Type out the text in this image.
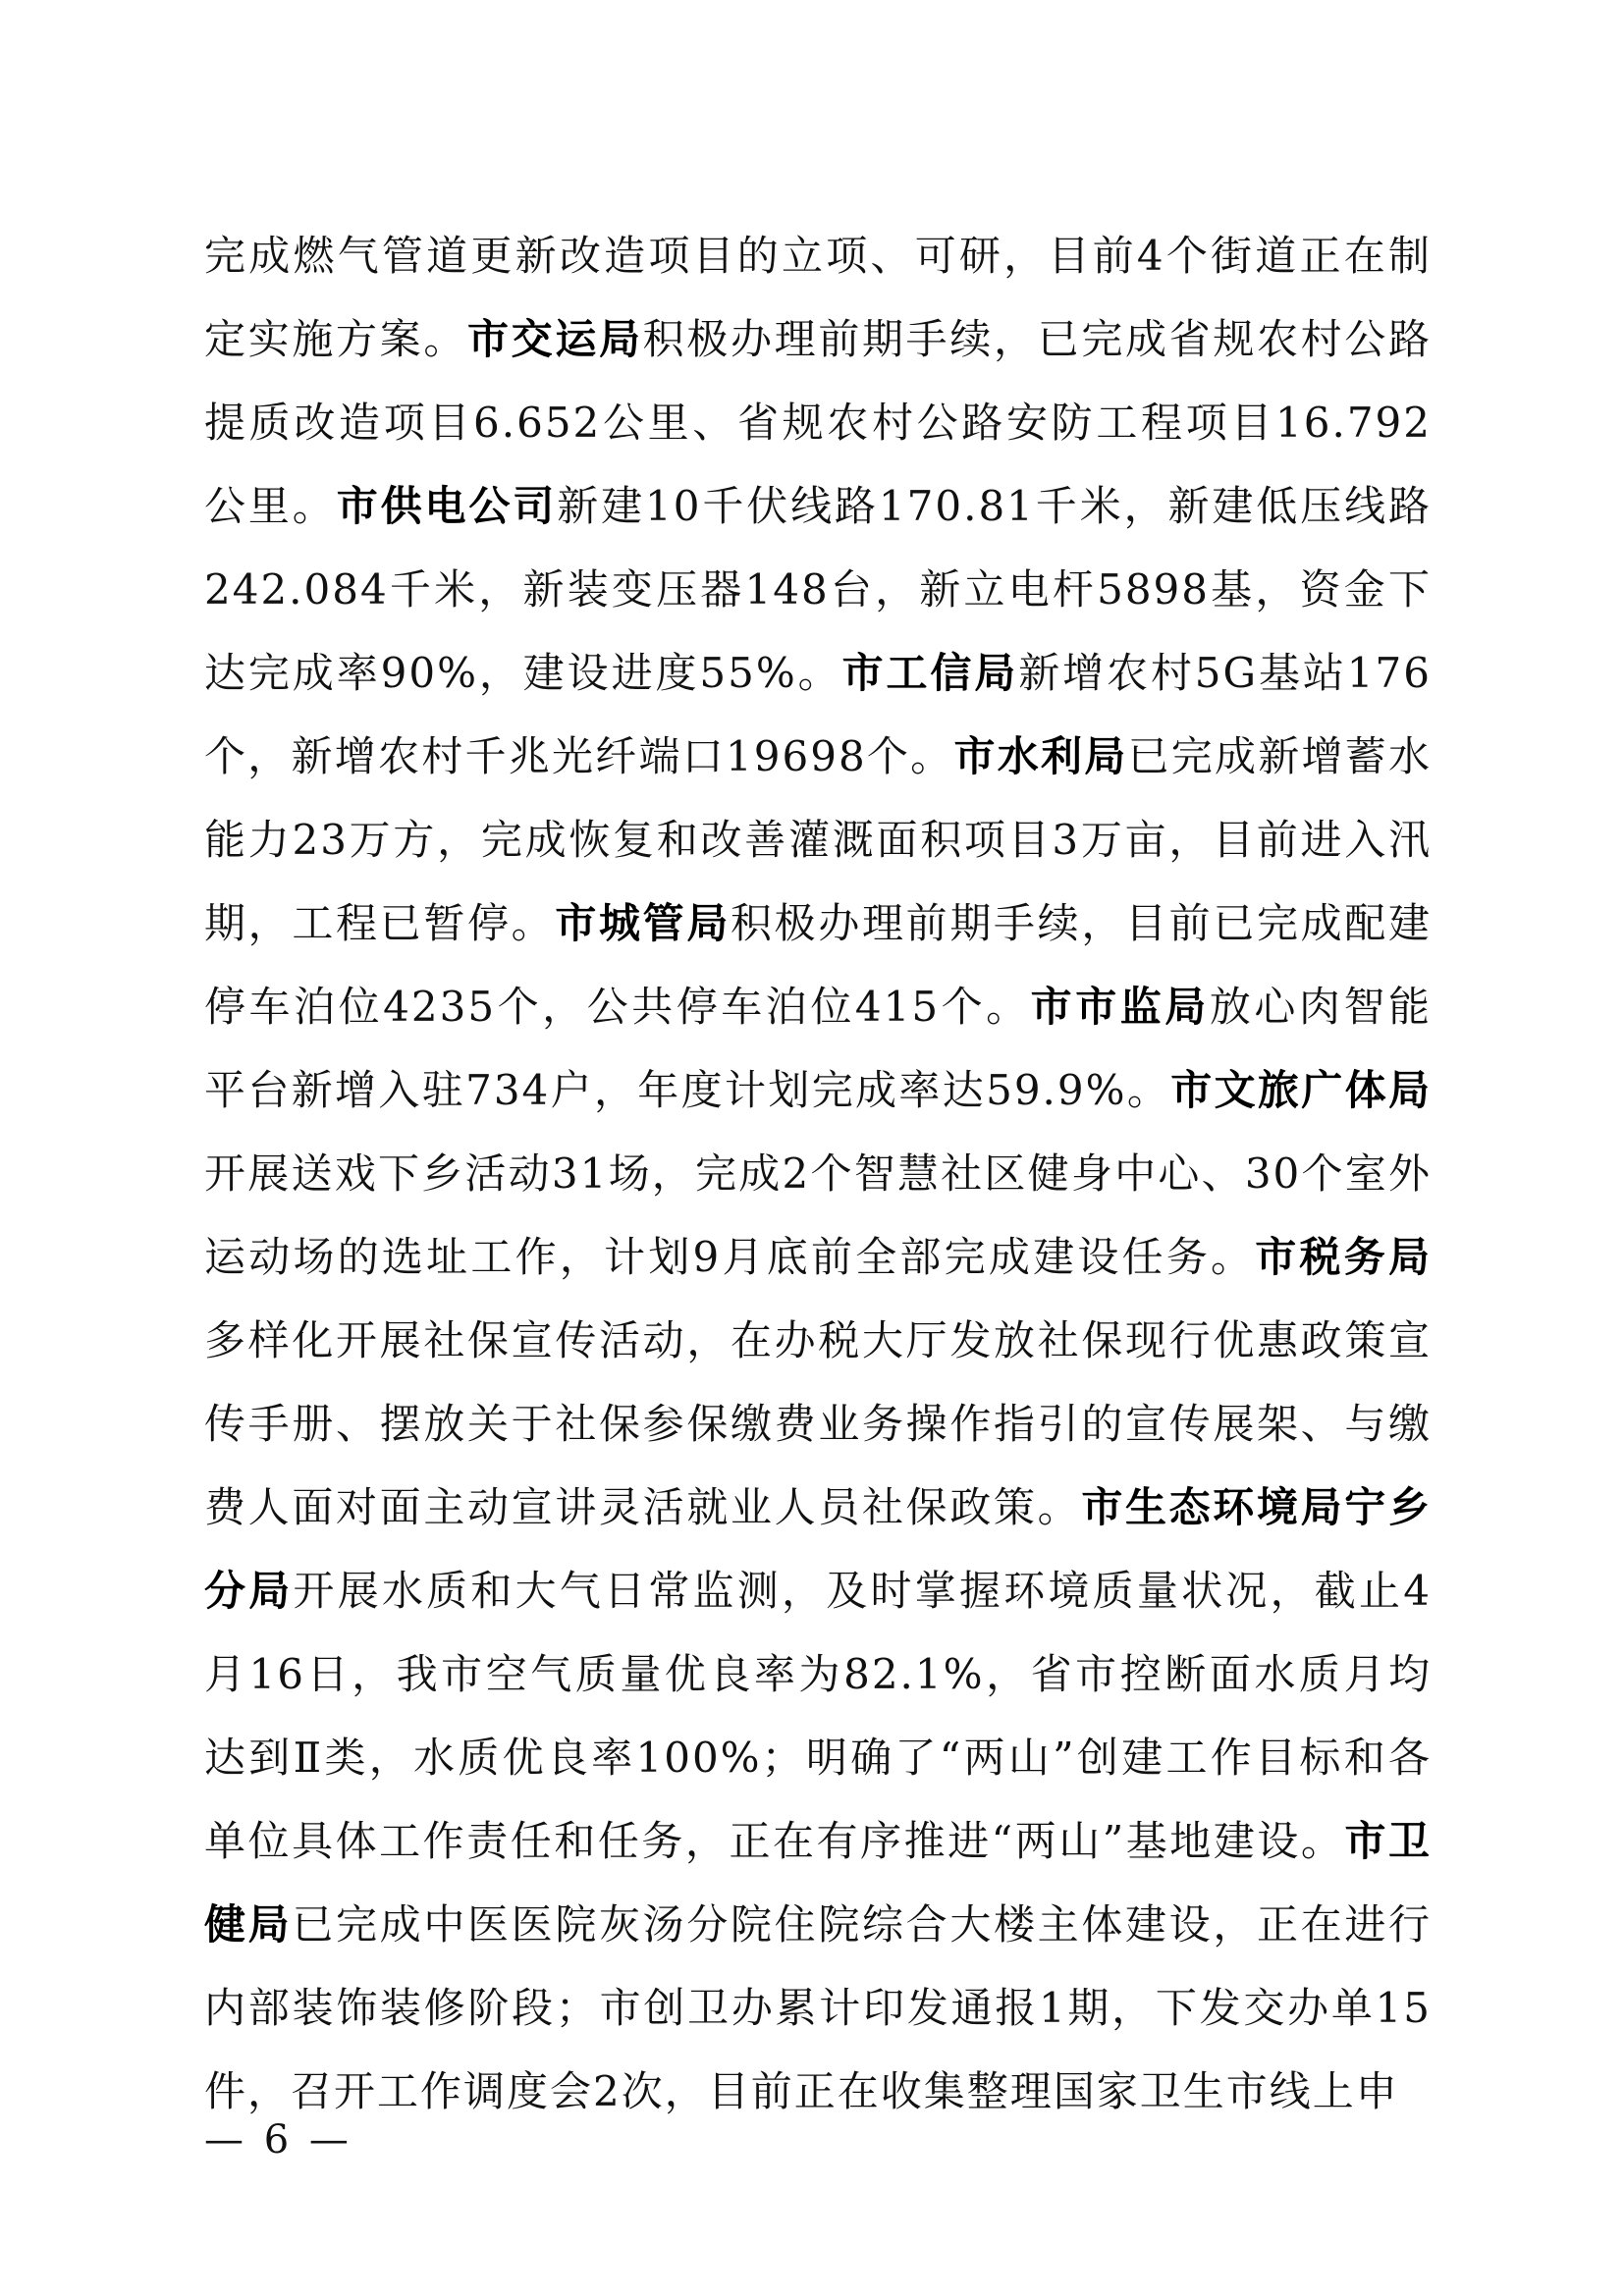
完成燃气管道更新改造项目的立项、可研，目前4个街道正在制定实施方案。市交运局积极办理前期手续，已完成省规农村公路提质改造项目6.652公里、省规农村公路安防工程项目16.792公里。市供电公司新建10千伏线路170.81千米，新建低压线路242.084千米，新装变压器148台，新立电杆5898基，资金下达完成率90%，建设进度55%。市工信局新增农村5G基站176个，新增农村千兆光纤端口19698个。市水利局已完成新增蓄水能力23万方，完成恢复和改善灌溉面积项目3万亩，目前进入汛期，工程已暂停。市城管局积极办理前期手续，目前已完成配建停车泊位4235个，公共停车泊位415个。市市监局放心肉智能平台新增入驻734户，年度计划完成率达59.9%。市文旅广体局开展送戏下乡活动31场，完成2个智慧社区健身中心、30个室外运动场的选址工作，计划9月底前全部完成建设任务。市税务局多样化开展社保宣传活动，在办税大厅发放社保现行优惠政策宣传手册、摆放关于社保参保缴费业务操作指引的宣传展架、与缴费人面对面主动宣讲灵活就业人员社保政策。市生态环境局宁乡分局开展水质和大气日常监测，及时掌握环境质量状况，截止4月16日，我市空气质量优良率为82.1%，省市控断面水质月均达到Ⅱ类，水质优良率100%；明确了“两山”创建工作目标和各单位具体工作责任和任务，正在有序推进“两山”基地建设。市卫健局已完成中医医院灰汤分院住院综合大楼主体建设，正在进行内部装饰装修阶段；市创卫办累计印发通报1期，下发交办单15件，召开工作调度会2次，目前正在收集整理国家卫生市线上申

— 6 —
